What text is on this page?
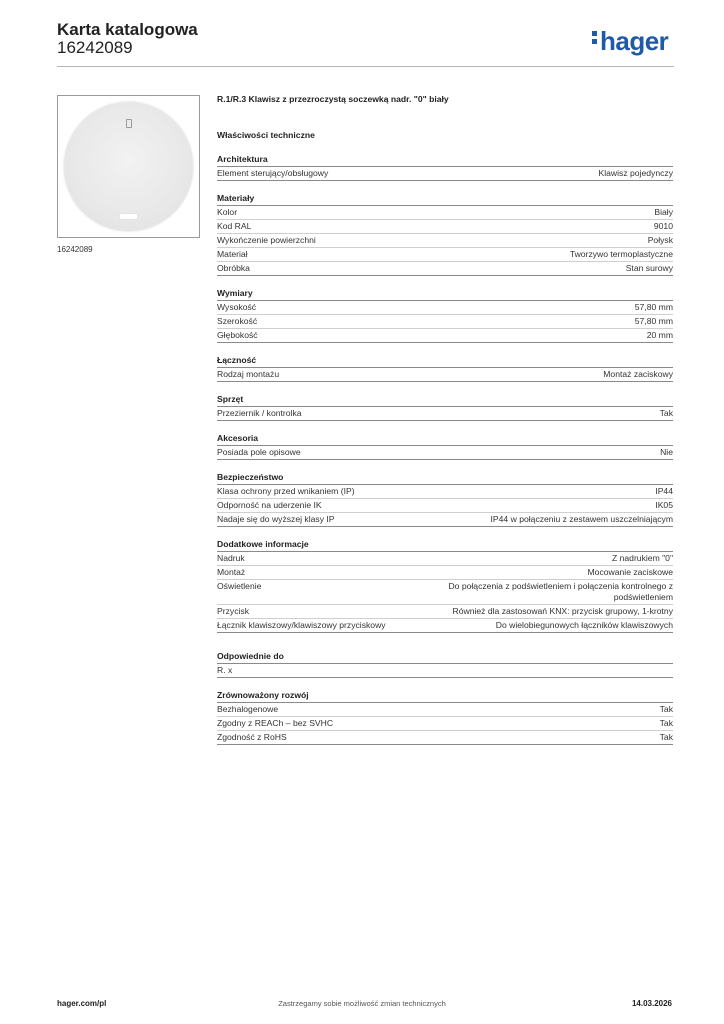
Karta katalogowa
16242089	hager
16242089
R.1/R.3 Klawisz z przezroczystą soczewką nadr. "0" biały
Właściwości techniczne
Architektura
Element sterujący/obsługowy	Klawisz pojedynczy
Materiały
Kolor	Biały
Kod RAL	9010
Wykończenie powierzchni	Połysk
Materiał	Tworzywo termoplastyczne
Obróbka	Stan surowy
Wymiary
Wysokość	57,80 mm
Szerokość	57,80 mm
Głębokość	20 mm
Łączność
Rodzaj montażu	Montaż zaciskowy
Sprzęt
Przeziernik / kontrolka	Tak
Akcesoria
Posiada pole opisowe	Nie
Bezpieczeństwo
Klasa ochrony przed wnikaniem (IP)	IP44
Odporność na uderzenie IK	IK05
Nadaje się do wyższej klasy IP	IP44 w połączeniu z zestawem uszczelniającym
Dodatkowe informacje
Nadruk	Z nadrukiem "0"
Montaż	Mocowanie zaciskowe
Oświetlenie	Do połączenia z podświetleniem i połączenia kontrolnego z podświetleniem
Przycisk	Również dla zastosowań KNX: przycisk grupowy, 1-krotny
Łącznik klawiszowy/klawiszowy przyciskowy	Do wielobiegunowych łączników klawiszowych
Odpowiednie do
R. x
Zrównoważony rozwój
Bezhalogenowe	Tak
Zgodny z REACh – bez SVHC	Tak
Zgodność z RoHS	Tak
hager.com/pl	Zastrzegamy sobie możliwość zmian technicznych	14.03.2026
